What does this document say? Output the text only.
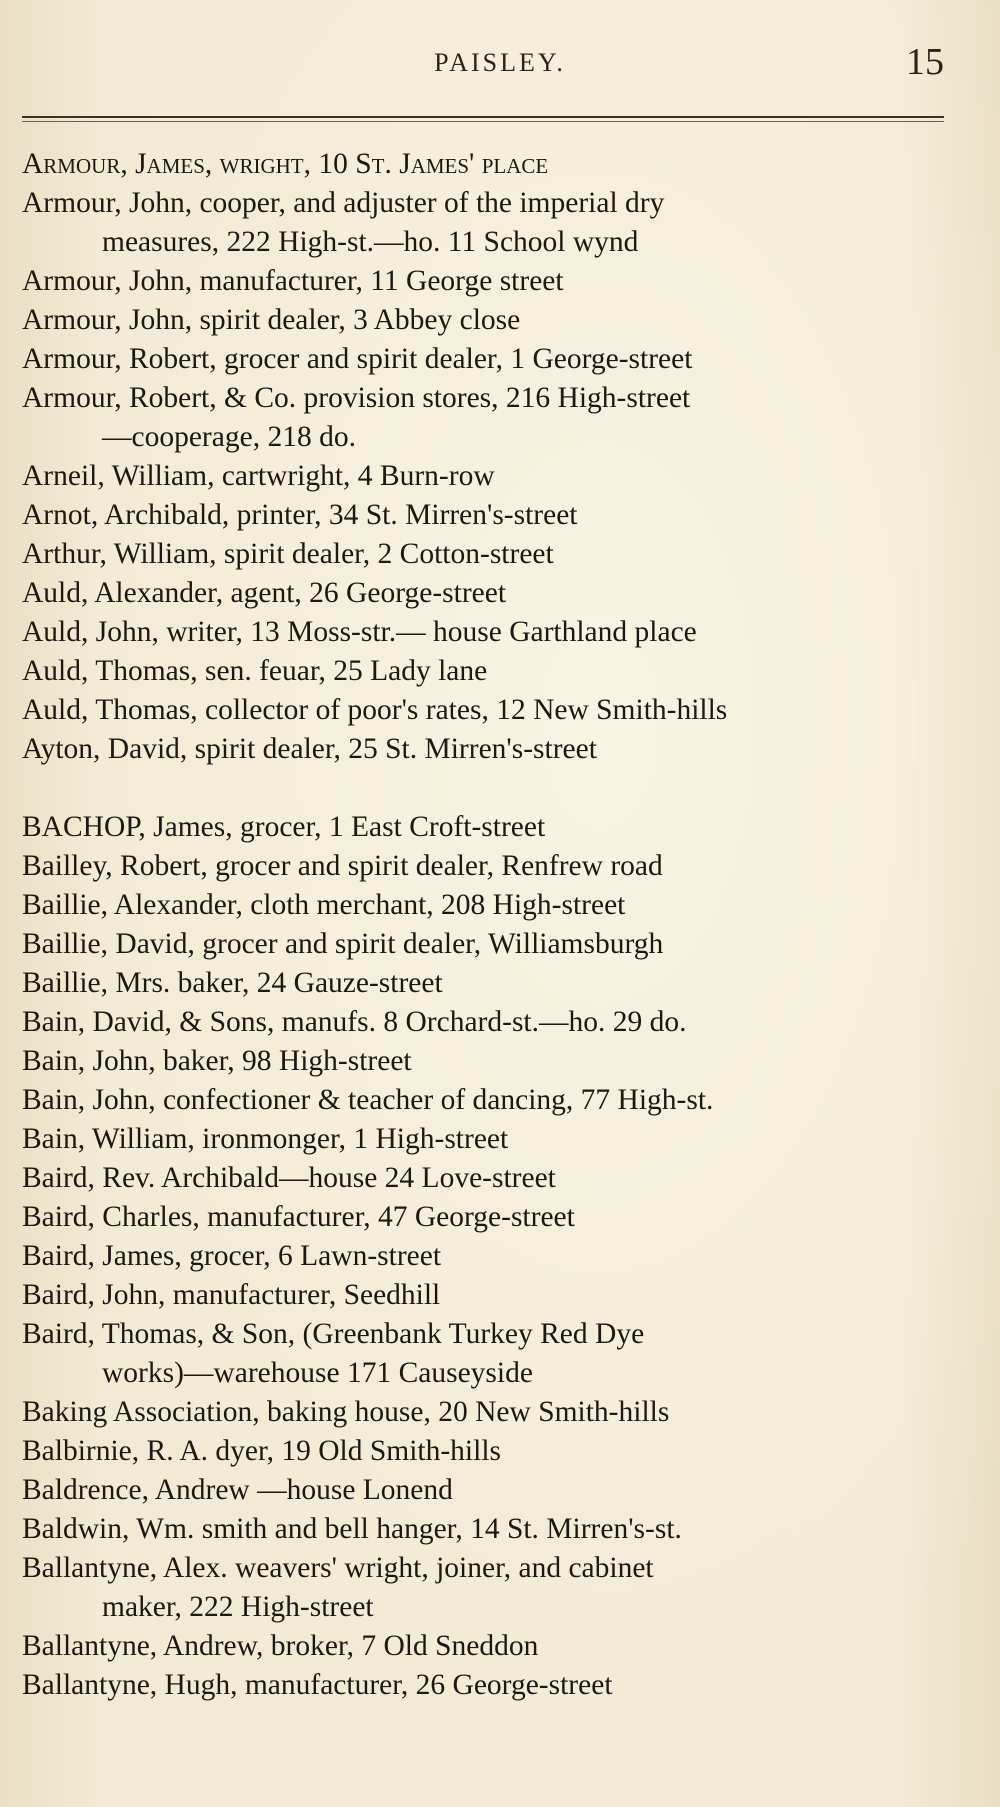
PAISLEY.	15
Armour, James, wright, 10 St. James' place
Armour, John, cooper, and adjuster of the imperial dry
measures, 222 High-st.—ho. 11 School wynd
Armour, John, manufacturer, 11 George street
Armour, John, spirit dealer, 3 Abbey close
Armour, Robert, grocer and spirit dealer, 1 George-street
Armour, Robert, & Co. provision stores, 216 High-street
—cooperage, 218 do.
Arneil, William, cartwright, 4 Burn-row
Arnot, Archibald, printer, 34 St. Mirren's-street
Arthur, William, spirit dealer, 2 Cotton-street
Auld, Alexander, agent, 26 George-street
Auld, John, writer, 13 Moss-str.— house Garthland place
Auld, Thomas, sen. feuar, 25 Lady lane
Auld, Thomas, collector of poor's rates, 12 New Smith-hills
Ayton, David, spirit dealer, 25 St. Mirren's-street
BACHOP, James, grocer, 1 East Croft-street
Bailley, Robert, grocer and spirit dealer, Renfrew road
Baillie, Alexander, cloth merchant, 208 High-street
Baillie, David, grocer and spirit dealer, Williamsburgh
Baillie, Mrs. baker, 24 Gauze-street
Bain, David, & Sons, manufs. 8 Orchard-st.—ho. 29 do.
Bain, John, baker, 98 High-street
Bain, John, confectioner & teacher of dancing, 77 High-st.
Bain, William, ironmonger, 1 High-street
Baird, Rev. Archibald—house 24 Love-street
Baird, Charles, manufacturer, 47 George-street
Baird, James, grocer, 6 Lawn-street
Baird, John, manufacturer, Seedhill
Baird, Thomas, & Son, (Greenbank Turkey Red Dye
works)—warehouse 171 Causeyside
Baking Association, baking house, 20 New Smith-hills
Balbirnie, R. A. dyer, 19 Old Smith-hills
Baldrence, Andrew —house Lonend
Baldwin, Wm. smith and bell hanger, 14 St. Mirren's-st.
Ballantyne, Alex. weavers' wright, joiner, and cabinet
maker, 222 High-street
Ballantyne, Andrew, broker, 7 Old Sneddon
Ballantyne, Hugh, manufacturer, 26 George-street
